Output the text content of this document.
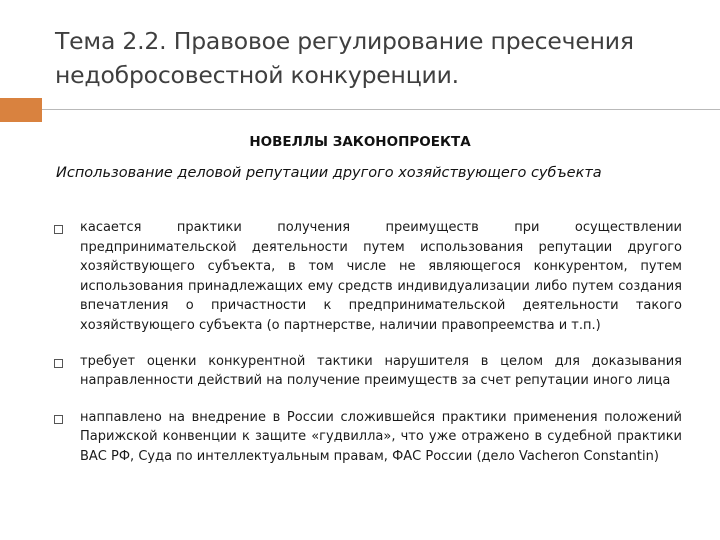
Тема 2.2. Правовое регулирование пресечения недобросовестной конкуренции.
НОВЕЛЛЫ ЗАКОНОПРОЕКТА
Использование деловой репутации другого хозяйствующего субъекта
касается практики получения преимуществ при осуществлении предпринимательской деятельности путем использования репутации другого хозяйствующего субъекта, в том числе не являющегося конкурентом, путем использования принадлежащих ему средств индивидуализации либо путем создания впечатления о причастности к предпринимательской деятельности такого хозяйствующего субъекта (о партнерстве, наличии правопреемства и т.п.)
требует оценки конкурентной тактики нарушителя в целом для доказывания направленности действий на получение преимуществ за счет репутации иного лица
наппавлено на внедрение в России сложившейся практики применения положений Парижской конвенции к защите «гудвилла», что уже отражено в судебной практики ВАС РФ, Суда по интеллектуальным правам, ФАС России (дело Vacheron Constantin)
